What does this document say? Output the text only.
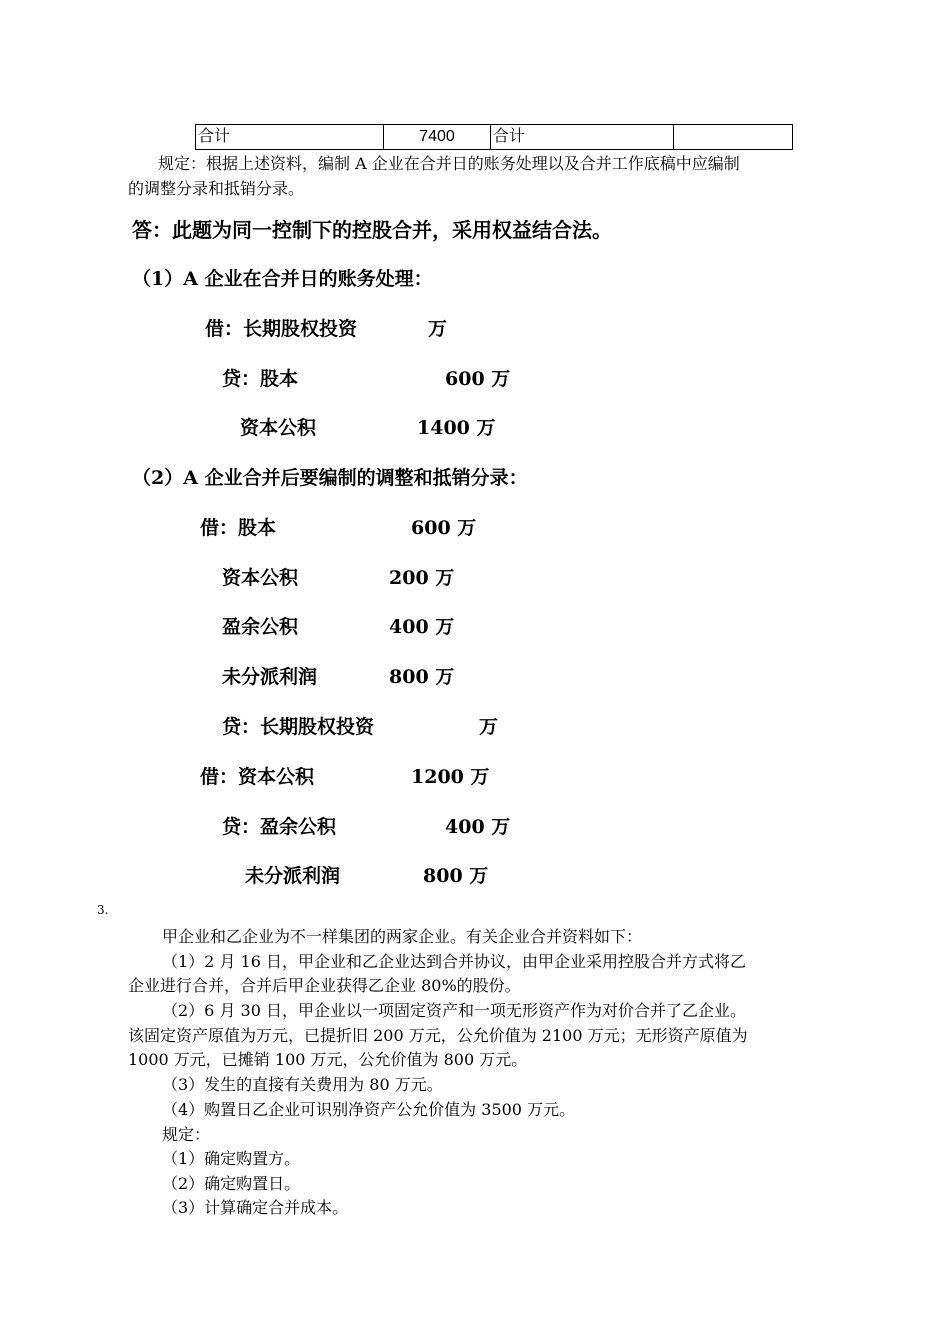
合计	7400	合计	
规定：根据上述资料，编制 A 企业在合并日的账务处理以及合并工作底稿中应编制
的调整分录和抵销分录。
答：此题为同一控制下的控股合并，采用权益结合法。
（1）A 企业在合并日的账务处理：
借：长期股权投资	万
贷：股本	600 万
资本公积	1400 万
（2）A 企业合并后要编制的调整和抵销分录：
借：股本	600 万
资本公积	200 万
盈余公积	400 万
未分派利润	800 万
贷：长期股权投资	万
借：资本公积	1200 万
贷：盈余公积	400 万
未分派利润	800 万
3.
甲企业和乙企业为不一样集团的两家企业。有关企业合并资料如下：
（1）2 月 16 日，甲企业和乙企业达到合并协议，由甲企业采用控股合并方式将乙
企业进行合并，合并后甲企业获得乙企业 80%的股份。
（2）6 月 30 日，甲企业以一项固定资产和一项无形资产作为对价合并了乙企业。
该固定资产原值为万元，已提折旧 200 万元，公允价值为 2100 万元；无形资产原值为
1000 万元，已摊销 100 万元，公允价值为 800 万元。
（3）发生的直接有关费用为 80 万元。
（4）购置日乙企业可识别净资产公允价值为 3500 万元。
规定：
（1）确定购置方。
（2）确定购置日。
（3）计算确定合并成本。
